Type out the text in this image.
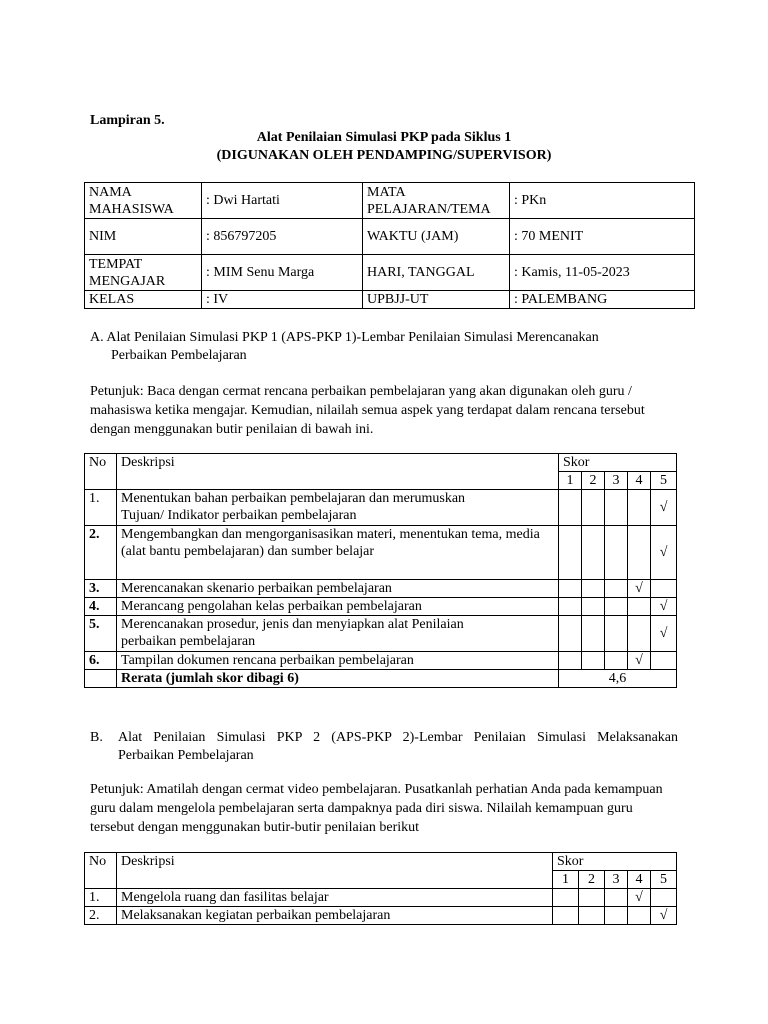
Lampiran 5.
Alat Penilaian Simulasi PKP pada Siklus 1
(DIGUNAKAN OLEH PENDAMPING/SUPERVISOR)
NAMA MAHASISWA	: Dwi Hartati	MATA PELAJARAN/TEMA	: PKn
NIM	: 856797205	WAKTU (JAM)	: 70 MENIT
TEMPAT MENGAJAR	: MIM Senu Marga	HARI, TANGGAL	: Kamis, 11-05-2023
KELAS	: IV	UPBJJ-UT	: PALEMBANG
A. Alat Penilaian Simulasi PKP 1 (APS-PKP 1)-Lembar Penilaian Simulasi Merencanakan
Perbaikan Pembelajaran
Petunjuk: Baca dengan cermat rencana perbaikan pembelajaran yang akan digunakan oleh guru / mahasiswa ketika mengajar. Kemudian, nilailah semua aspek yang terdapat dalam rencana tersebut dengan menggunakan butir penilaian di bawah ini.
No	Deskripsi	Skor				
		1	2	3	4	5
1.	Menentukan bahan perbaikan pembelajaran dan merumuskan
Tujuan/ Indikator perbaikan pembelajaran					√
2.	Mengembangkan dan mengorganisasikan materi, menentukan tema, media
(alat bantu pembelajaran) dan sumber belajar					√
3.	Merencanakan skenario perbaikan pembelajaran				√	
4.	Merancang pengolahan kelas perbaikan pembelajaran					√
5.	Merencanakan prosedur, jenis dan menyiapkan alat Penilaian
perbaikan pembelajaran					√
6.	Tampilan dokumen rencana perbaikan pembelajaran				√	
	Rerata (jumlah skor dibagi 6)	4,6				
B. Alat Penilaian Simulasi PKP 2 (APS-PKP 2)-Lembar Penilaian Simulasi Melaksanakan
Perbaikan Pembelajaran
Petunjuk: Amatilah dengan cermat video pembelajaran. Pusatkanlah perhatian Anda pada kemampuan guru dalam mengelola pembelajaran serta dampaknya pada diri siswa. Nilailah kemampuan guru tersebut dengan menggunakan butir-butir penilaian berikut
No	Deskripsi	Skor				
		1	2	3	4	5
1.	Mengelola ruang dan fasilitas belajar				√	
2.	Melaksanakan kegiatan perbaikan pembelajaran					√
